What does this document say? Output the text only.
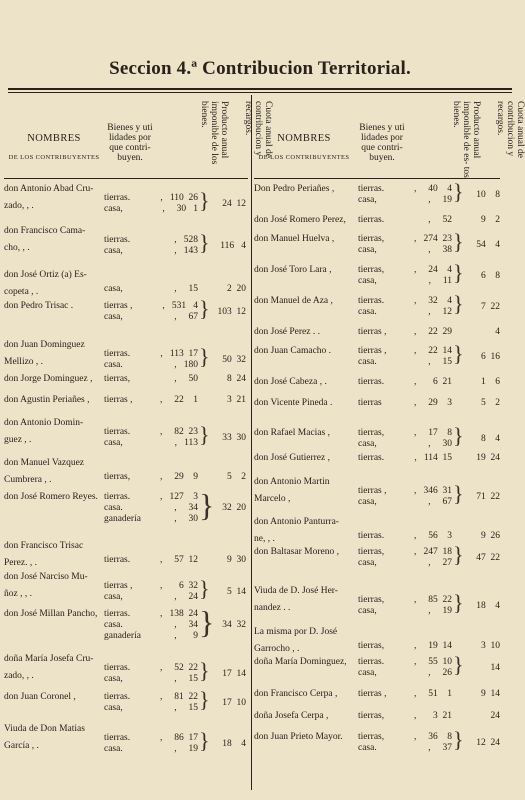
Seccion 4.ª Contribucion Territorial.
NOMBRES
DE LOS CONTRIBUYENTES
Bienes y uti lidades por que contri- buyen.	Producto anual imponible de los bienes.	Cuota anual de contribucion y recargos.
don Antonio Abad Cru-
zado, , .
tierras.	,   110  26
casa,	,     30   1 }	24  12
don Francisco Cama-
cho, , .
tierras.	,   528
casa,	,   143 }	116   4
don José Ortiz (a) Es-
copeta , .	casa,	,     15	2  20
don Pedro Trisac .	tierras ,	,   531   4
casa,	,     67 } 103  12
don Juan Dominguez
Mellizo , .
tierras.	,   113  17
casa.	,   180 }	50  32
don Jorge Dominguez ,	tierras,	,     50	8  24
don Agustin Periañes ,	tierras ,	,     22    1	3  21
don Antonio Domin-
guez , .
tierras.	,     82  23
casa,	,   113 }	33  30
don Manuel Vazquez
Cumbrera , .	tierras,	,     29    9	5    2
don José Romero Reyes. tierras.	,   127    3
casa.	,     34
ganadería	,     30 } 32  20
don Francisco Trisac
Perez. , .	tierras.	,     57  12	9  30
don José Narciso Mu-
ñoz , , .
tierras ,	,       6  32
casa,	,     24 }	5  14
don José Millan Pancho, tierras.	,   138  24
casa.	,     34
ganadería	,       9 } 34  32
doña María Josefa Cru-
zado, , .
tierras.	,     52  22
casa,	,     15 }	17  14
don Juan Coronel ,	tierras.	,     81  22
casa,	,     15 }	17  10
Viuda de Don Matias
García , .
tierras.	,     86  17
casa.	,     19 }	18    4
NOMBRES
DE LOS CONTRIBUYENTES
Bienes y uti lidades por que contri- buyen.	Producto anual imponible de es- tos bienes.	Cuota anual de contribucion y recargos.
Don Pedro Periañes ,	tierras.	,     40    4
casa,	,     19 }	10    8
don José Romero Perez,	tierras.	,     52	9    2
don Manuel Huelva ,	tierras,	,   274  23
casa,	,     38 }	54    4
don José Toro Lara ,	tierras,	,     24    4
casa,	,     11 }	6    8
don Manuel de Aza ,	tierras.	,     32    4
casa.	,     12 }	7  22
don José Perez . .	tierras ,	,     22  29	4
don Juan Camacho .	tierras ,	,     22  14
casa.	,     15 }	6  16
don José Cabeza , .	tierras.	,       6  21	1    6
don Vicente Pineda .	tierras	,     29    3	5    2
don Rafael Macias ,	tierras,	,     17    8
casa,	,     30 }	8    4
don José Gutierrez ,	tierras.	,   114  15	19  24
don Antonio Martin
Marcelo ,
tierras ,	,   346  31
casa,	,     67 }	71  22
don Antonio Panturra-
ne, , .	tierras.	,     56    3	9  26
don Baltasar Moreno ,	tierras,	,   247  18
casa,	,     27 }	47  22
Viuda de D. José Her-
nandez . .
tierras,	,     85  22
casa,	,     19 }	18    4
La misma por D. José
Garrocho , .	tierras,	,     19  14	3  10
doña María Dominguez,	tierras.	,     55  10
casa,	,     26 }	14
don Francisco Cerpa ,	tierras ,	,     51    1	9  14
doña Josefa Cerpa ,	tierras,	,       3  21	24
don Juan Prieto Mayor.	tierras,	,     36    8
casa.	,     37 }	12  24
